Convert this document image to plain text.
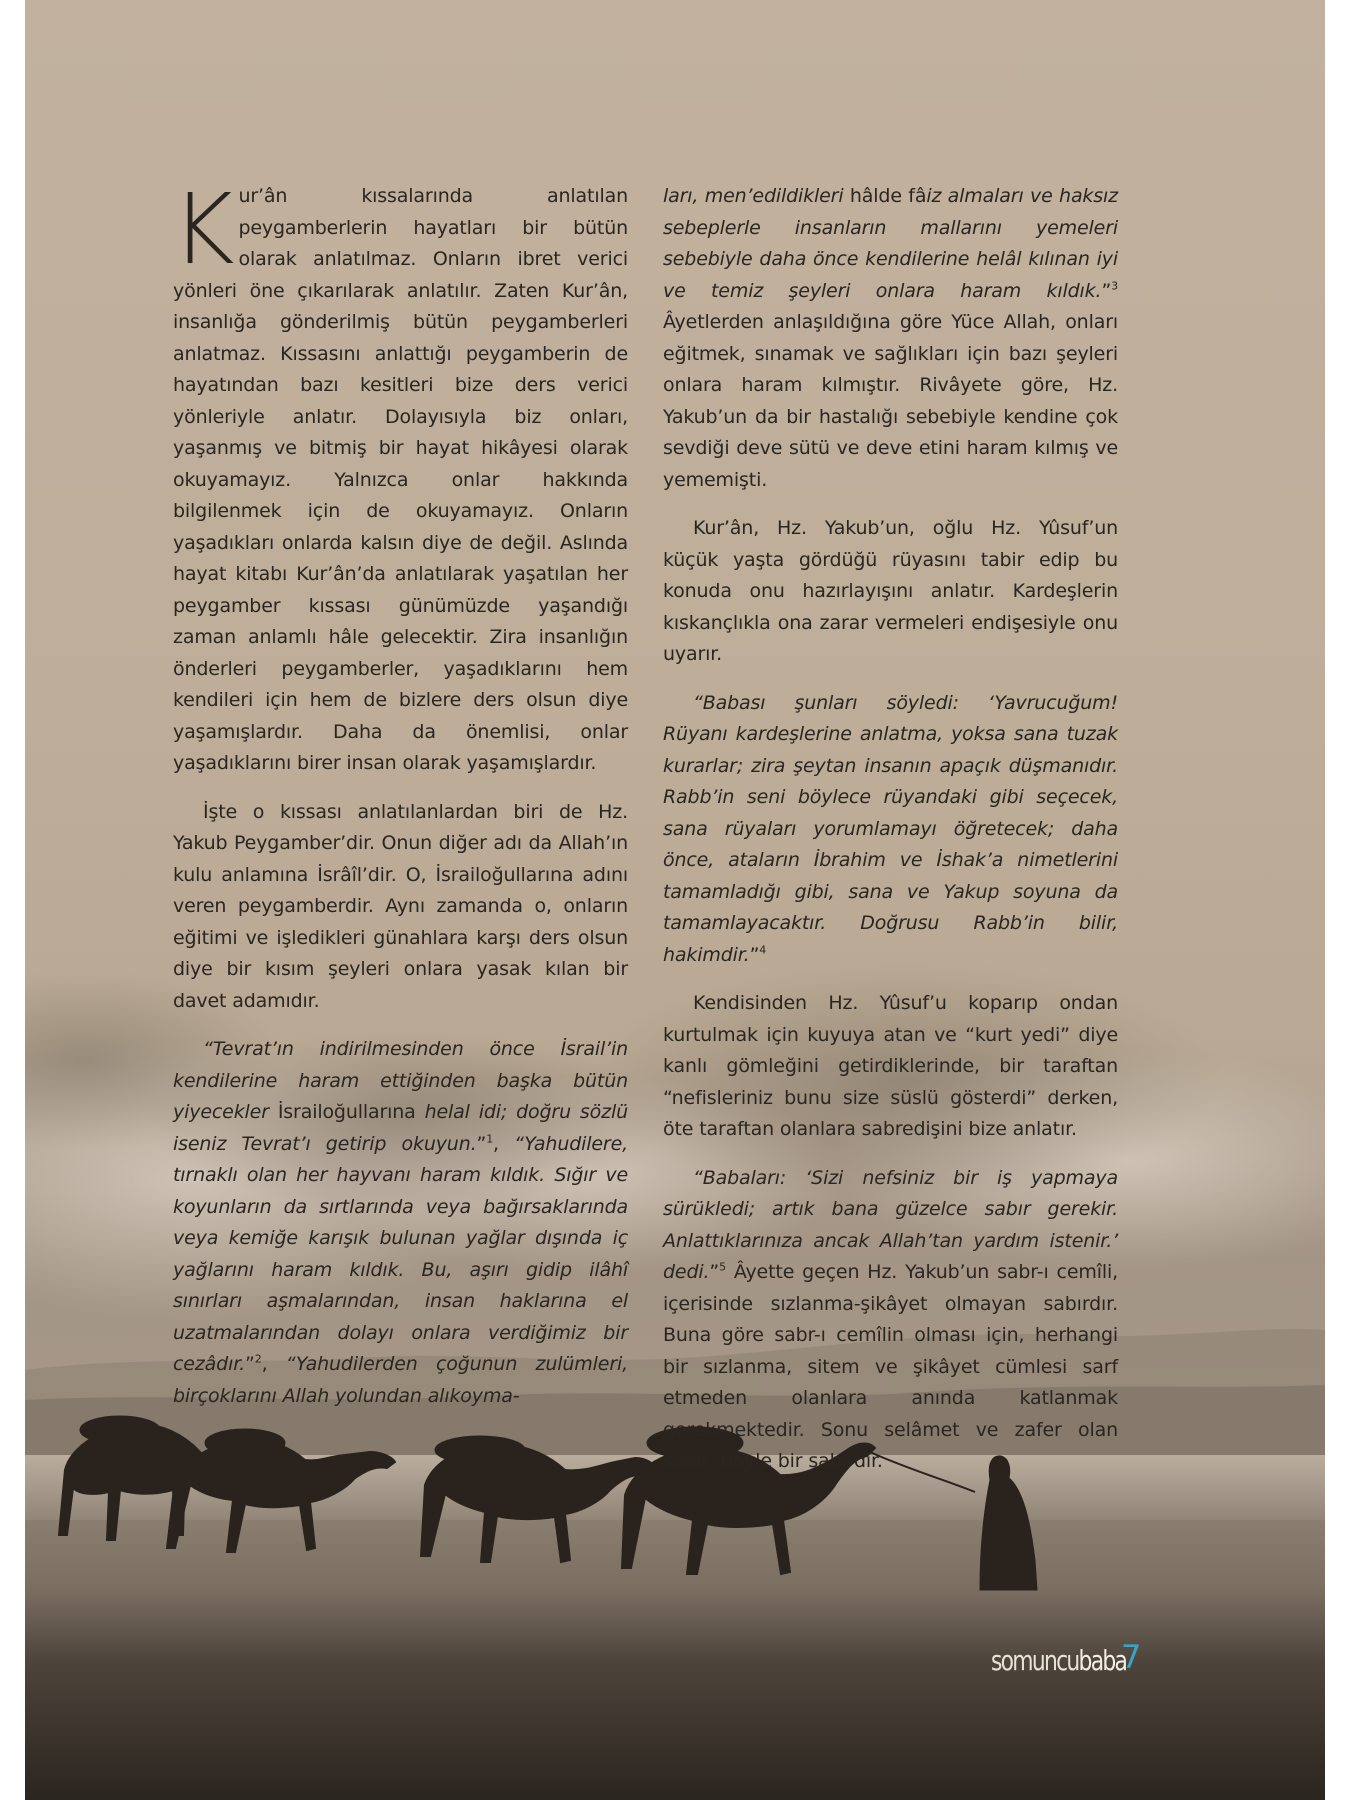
Kur’ân kıssalarında anlatılan peygamberlerin hayatları bir bütün olarak anlatılmaz. Onların ibret verici yönleri öne çıkarılarak anlatılır. Zaten Kur’ân, insanlığa gönderilmiş bütün peygamberleri anlatmaz. Kıssasını anlattığı peygamberin de hayatından bazı kesitleri bize ders verici yönleriyle anlatır. Dolayısıyla biz onları, yaşanmış ve bitmiş bir hayat hikâyesi olarak okuyamayız. Yalnızca onlar hakkında bilgilenmek için de okuyamayız. Onların yaşadıkları onlarda kalsın diye de değil. Aslında hayat kitabı Kur’ân’da anlatılarak yaşatılan her peygamber kıssası günümüzde yaşandığı zaman anlamlı hâle gelecektir. Zira insanlığın önderleri peygamberler, yaşadıklarını hem kendileri için hem de bizlere ders olsun diye yaşamışlardır. Daha da önemlisi, onlar yaşadıklarını birer insan olarak yaşamışlardır.

İşte o kıssası anlatılanlardan biri de Hz. Yakub Peygamber’dir. Onun diğer adı da Allah’ın kulu anlamına İsrâîl’dir. O, İsrailoğullarına adını veren peygamberdir. Aynı zamanda o, onların eğitimi ve işledikleri günahlara karşı ders olsun diye bir kısım şeyleri onlara yasak kılan bir davet adamıdır.

“Tevrat’ın indirilmesinden önce İsrail’in kendilerine haram ettiğinden başka bütün yiyecekler İsrailoğullarına helal idi; doğru sözlü iseniz Tevrat’ı getirip okuyun.”$^1$, “Yahudilere, tırnaklı olan her hayvanı haram kıldık. Sığır ve koyunların da sırtlarında veya bağırsaklarında veya kemiğe karışık bulunan yağlar dışında iç yağlarını haram kıldık. Bu, aşırı gidip ilâhî sınırları aşmalarından, insan haklarına el uzatmalarından dolayı onlara verdiğimiz bir cezâdır.”$^2$, “Yahudilerden çoğunun zulümleri, birçoklarını Allah yolundan alıkoyma-

ları, men’edildikleri hâlde fâiz almaları ve haksız sebeplerle insanların mallarını yemeleri sebebiyle daha önce kendilerine helâl kılınan iyi ve temiz şeyleri onlara haram kıldık.”$^3$ Âyetlerden anlaşıldığına göre Yüce Allah, onları eğitmek, sınamak ve sağlıkları için bazı şeyleri onlara haram kılmıştır. Rivâyete göre, Hz. Yakub’un da bir hastalığı sebebiyle kendine çok sevdiği deve sütü ve deve etini haram kılmış ve yememişti.

Kur’ân, Hz. Yakub’un, oğlu Hz. Yûsuf’un küçük yaşta gördüğü rüyasını tabir edip bu konuda onu hazırlayışını anlatır. Kardeşlerin kıskançlıkla ona zarar vermeleri endişesiyle onu uyarır.

“Babası şunları söyledi: ‘Yavrucuğum! Rüyanı kardeşlerine anlatma, yoksa sana tuzak kurarlar; zira şeytan insanın apaçık düşmanıdır. Rabb’in seni böylece rüyandaki gibi seçecek, sana rüyaları yorumlamayı öğretecek; daha önce, ataların İbrahim ve İshak’a nimetlerini tamamladığı gibi, sana ve Yakup soyuna da tamamlayacaktır. Doğrusu Rabb’in bilir, hakimdir.”$^4$

Kendisinden Hz. Yûsuf’u koparıp ondan kurtulmak için kuyuya atan ve “kurt yedi” diye kanlı gömleğini getirdiklerinde, bir taraftan “nefisleriniz bunu size süslü gösterdi” derken, öte taraftan olanlara sabredişini bize anlatır.

“Babaları: ‘Sizi nefsiniz bir iş yapmaya sürükledi; artık bana güzelce sabır gerekir. Anlattıklarınıza ancak Allah’tan yardım istenir.’ dedi.”$^5$ Âyette geçen Hz. Yakub’un sabr-ı cemîli, içerisinde sızlanma-şikâyet olmayan sabırdır. Buna göre sabr-ı cemîlin olması için, herhangi bir sızlanma, sitem ve şikâyet cümlesi sarf etmeden olanlara anında katlanmak gerekmektedir. Sonu selâmet ve zafer olan sabır, böyle bir sabırdır.

somuncubaba
7
